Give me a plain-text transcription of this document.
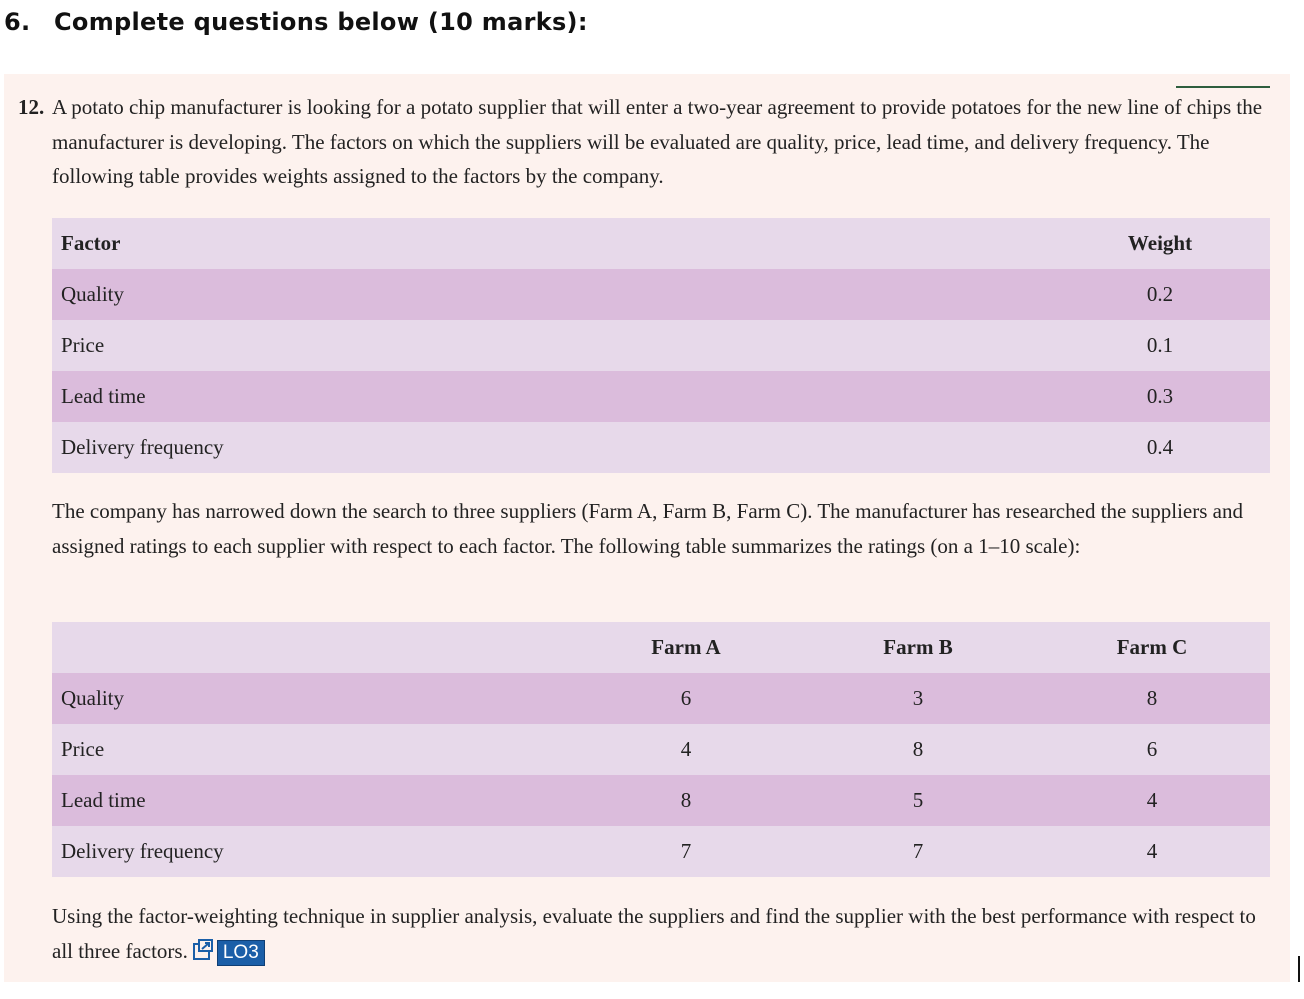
6. Complete questions below (10 marks):
12. A potato chip manufacturer is looking for a potato supplier that will enter a two-year agreement to provide potatoes for the new line of chips the manufacturer is developing. The factors on which the suppliers will be evaluated are quality, price, lead time, and delivery frequency. The following table provides weights assigned to the factors by the company.
Factor	Weight
Quality	0.2
Price	0.1
Lead time	0.3
Delivery frequency	0.4
The company has narrowed down the search to three suppliers (Farm A, Farm B, Farm C). The manufacturer has researched the suppliers and assigned ratings to each supplier with respect to each factor. The following table summarizes the ratings (on a 1–10 scale):
	Farm A	Farm B	Farm C
Quality	6	3	8
Price	4	8	6
Lead time	8	5	4
Delivery frequency	7	7	4
Using the factor-weighting technique in supplier analysis, evaluate the suppliers and find the supplier with the best performance with respect to all three factors. LO3
